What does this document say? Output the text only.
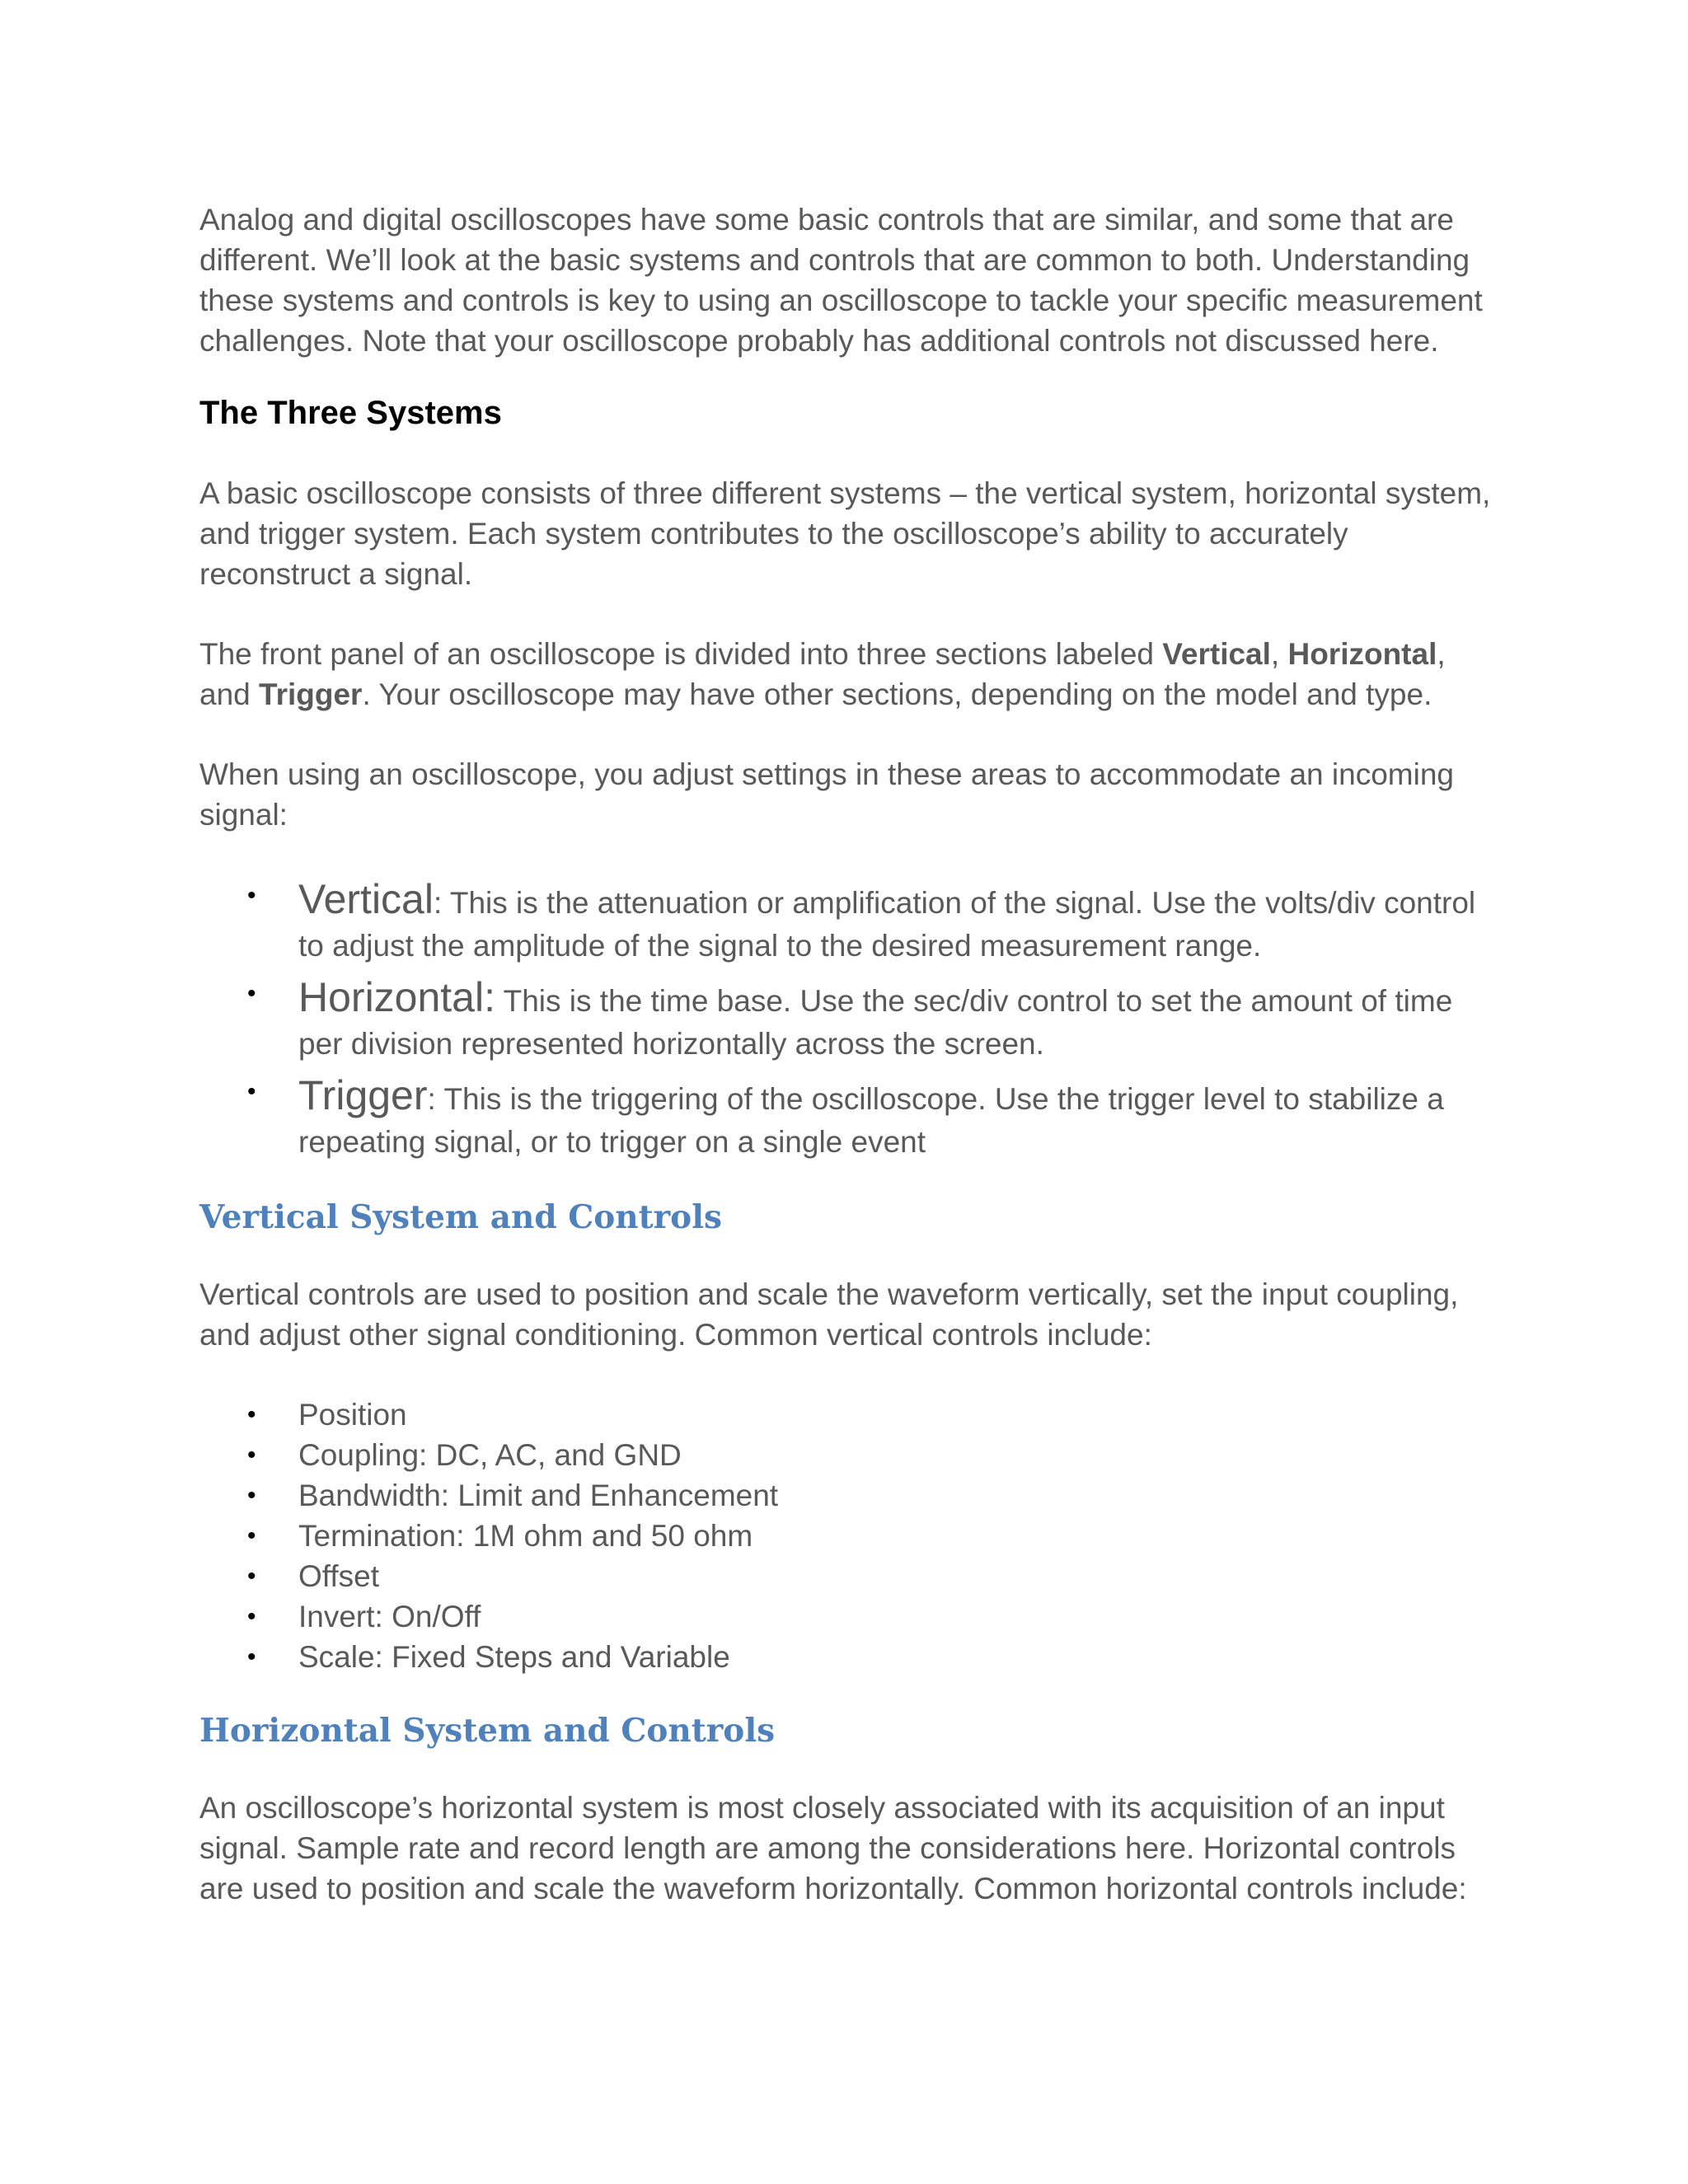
Analog and digital oscilloscopes have some basic controls that are similar, and some that are different. We’ll look at the basic systems and controls that are common to both. Understanding these systems and controls is key to using an oscilloscope to tackle your specific measurement challenges. Note that your oscilloscope probably has additional controls not discussed here.

The Three Systems

A basic oscilloscope consists of three different systems – the vertical system, horizontal system, and trigger system. Each system contributes to the oscilloscope’s ability to accurately reconstruct a signal.

The front panel of an oscilloscope is divided into three sections labeled Vertical, Horizontal, and Trigger. Your oscilloscope may have other sections, depending on the model and type.

When using an oscilloscope, you adjust settings in these areas to accommodate an incoming signal:

• Vertical: This is the attenuation or amplification of the signal. Use the volts/div control to adjust the amplitude of the signal to the desired measurement range.
• Horizontal: This is the time base. Use the sec/div control to set the amount of time per division represented horizontally across the screen.
• Trigger: This is the triggering of the oscilloscope. Use the trigger level to stabilize a repeating signal, or to trigger on a single event
Vertical System and Controls

Vertical controls are used to position and scale the waveform vertically, set the input coupling, and adjust other signal conditioning. Common vertical controls include:

• Position
• Coupling: DC, AC, and GND
• Bandwidth: Limit and Enhancement
• Termination: 1M ohm and 50 ohm
• Offset
• Invert: On/Off
• Scale: Fixed Steps and Variable
Horizontal System and Controls

An oscilloscope’s horizontal system is most closely associated with its acquisition of an input signal. Sample rate and record length are among the considerations here. Horizontal controls are used to position and scale the waveform horizontally. Common horizontal controls include:
